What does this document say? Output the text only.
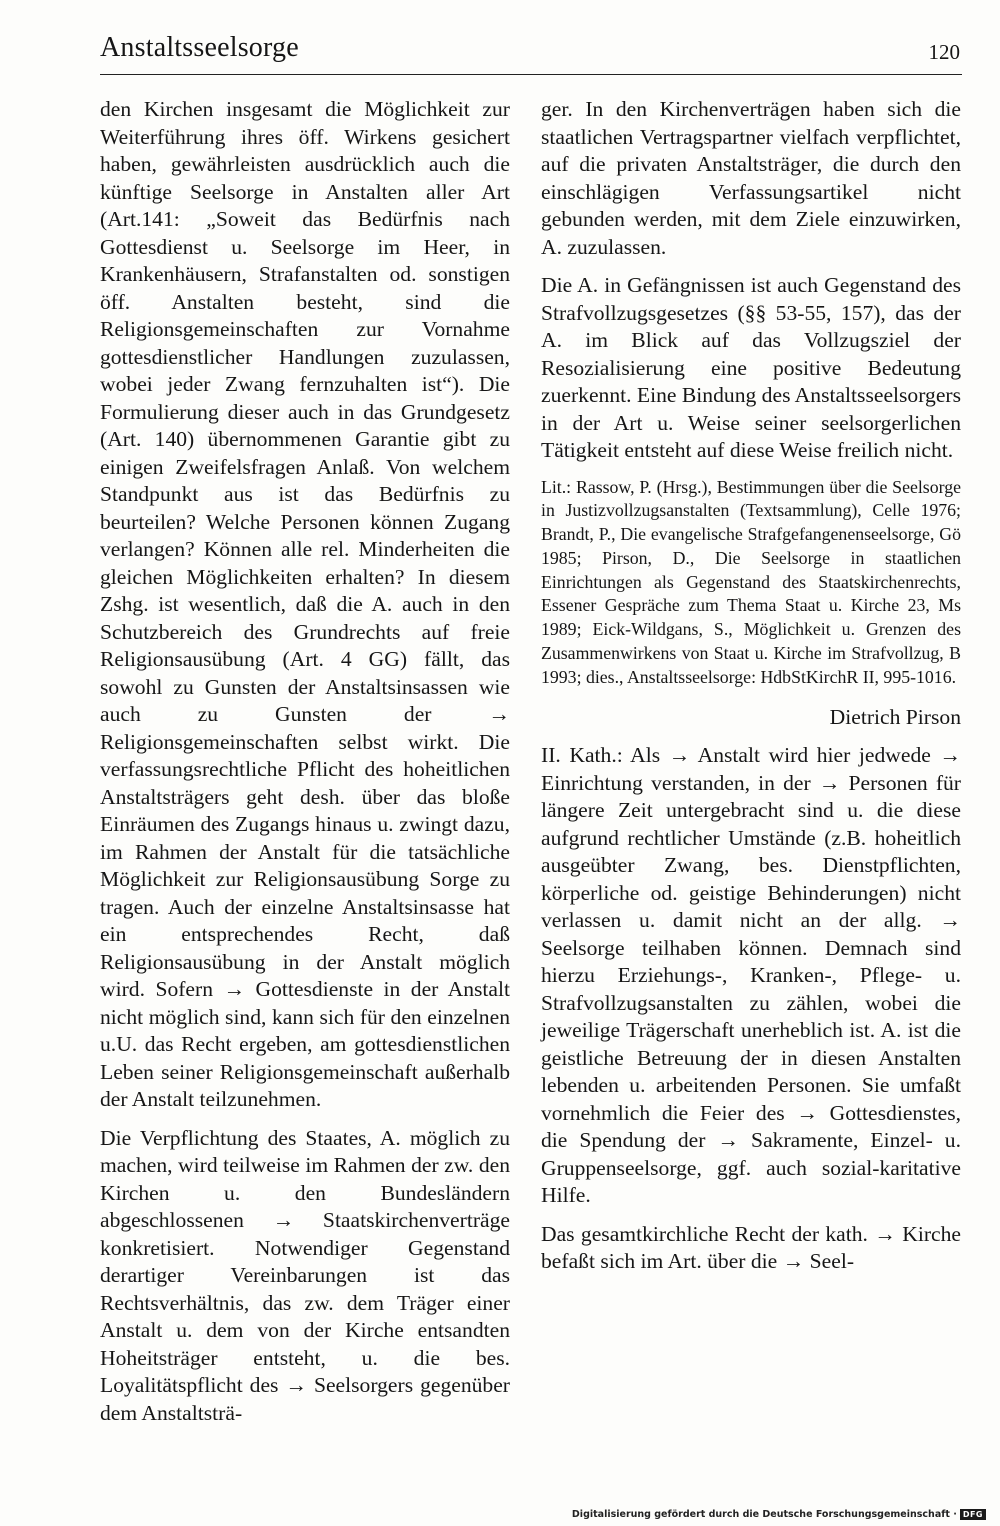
Anstaltsseelsorge	120

den Kirchen insgesamt die Möglichkeit zur Weiterführung ihres öff. Wirkens gesichert haben, gewährleisten ausdrücklich auch die künftige Seelsorge in Anstalten aller Art (Art.141: „Soweit das Bedürfnis nach Gottesdienst u. Seelsorge im Heer, in Krankenhäusern, Strafanstalten od. sonstigen öff. Anstalten besteht, sind die Religionsgemeinschaften zur Vornahme gottesdienstlicher Handlungen zuzulassen, wobei jeder Zwang fernzuhalten ist“). Die Formulierung dieser auch in das Grundgesetz (Art. 140) übernommenen Garantie gibt zu einigen Zweifelsfragen Anlaß. Von welchem Standpunkt aus ist das Bedürfnis zu beurteilen? Welche Personen können Zugang verlangen? Können alle rel. Minderheiten die gleichen Möglichkeiten erhalten? In diesem Zshg. ist wesentlich, daß die A. auch in den Schutzbereich des Grundrechts auf freie Religionsausübung (Art. 4 GG) fällt, das sowohl zu Gunsten der Anstaltsinsassen wie auch zu Gunsten der → Religionsgemeinschaften selbst wirkt. Die verfassungsrechtliche Pflicht des hoheitlichen Anstaltsträgers geht desh. über das bloße Einräumen des Zugangs hinaus u. zwingt dazu, im Rahmen der Anstalt für die tatsächliche Möglichkeit zur Religionsausübung Sorge zu tragen. Auch der einzelne Anstaltsinsasse hat ein entsprechendes Recht, daß Religionsausübung in der Anstalt möglich wird. Sofern → Gottesdienste in der Anstalt nicht möglich sind, kann sich für den einzelnen u.U. das Recht ergeben, am gottesdienstlichen Leben seiner Religionsgemeinschaft außerhalb der Anstalt teilzunehmen.

Die Verpflichtung des Staates, A. möglich zu machen, wird teilweise im Rahmen der zw. den Kirchen u. den Bundesländern abgeschlossenen → Staatskirchenverträge konkretisiert. Notwendiger Gegenstand derartiger Vereinbarungen ist das Rechtsverhältnis, das zw. dem Träger einer Anstalt u. dem von der Kirche entsandten Hoheitsträger entsteht, u. die bes. Loyalitätspflicht des → Seelsorgers gegenüber dem Anstaltsträ-

ger. In den Kirchenverträgen haben sich die staatlichen Vertragspartner vielfach verpflichtet, auf die privaten Anstaltsträger, die durch den einschlägigen Verfassungsartikel nicht gebunden werden, mit dem Ziele einzuwirken, A. zuzulassen.

Die A. in Gefängnissen ist auch Gegenstand des Strafvollzugsgesetzes (§§ 53-55, 157), das der A. im Blick auf das Vollzugsziel der Resozialisierung eine positive Bedeutung zuerkennt. Eine Bindung des Anstaltsseelsorgers in der Art u. Weise seiner seelsorgerlichen Tätigkeit entsteht auf diese Weise freilich nicht.

Lit.: Rassow, P. (Hrsg.), Bestimmungen über die Seelsorge in Justizvollzugsanstalten (Textsammlung), Celle 1976; Brandt, P., Die evangelische Strafgefangenenseelsorge, Gö 1985; Pirson, D., Die Seelsorge in staatlichen Einrichtungen als Gegenstand des Staatskirchenrechts, Essener Gespräche zum Thema Staat u. Kirche 23, Ms 1989; Eick-Wildgans, S., Möglichkeit u. Grenzen des Zusammenwirkens von Staat u. Kirche im Strafvollzug, B 1993; dies., Anstaltsseelsorge: HdbStKirchR II, 995-1016.

Dietrich Pirson

II. Kath.: Als → Anstalt wird hier jedwede → Einrichtung verstanden, in der → Personen für längere Zeit untergebracht sind u. die diese aufgrund rechtlicher Umstände (z.B. hoheitlich ausgeübter Zwang, bes. Dienstpflichten, körperliche od. geistige Behinderungen) nicht verlassen u. damit nicht an der allg. → Seelsorge teilhaben können. Demnach sind hierzu Erziehungs-, Kranken-, Pflege- u. Strafvollzugsanstalten zu zählen, wobei die jeweilige Trägerschaft unerheblich ist. A. ist die geistliche Betreuung der in diesen Anstalten lebenden u. arbeitenden Personen. Sie umfaßt vornehmlich die Feier des → Gottesdienstes, die Spendung der → Sakramente, Einzel- u. Gruppenseelsorge, ggf. auch sozial-karitative Hilfe.

Das gesamtkirchliche Recht der kath. → Kirche befaßt sich im Art. über die → Seel-

Digitalisierung gefördert durch die Deutsche Forschungsgemeinschaft · DFG
